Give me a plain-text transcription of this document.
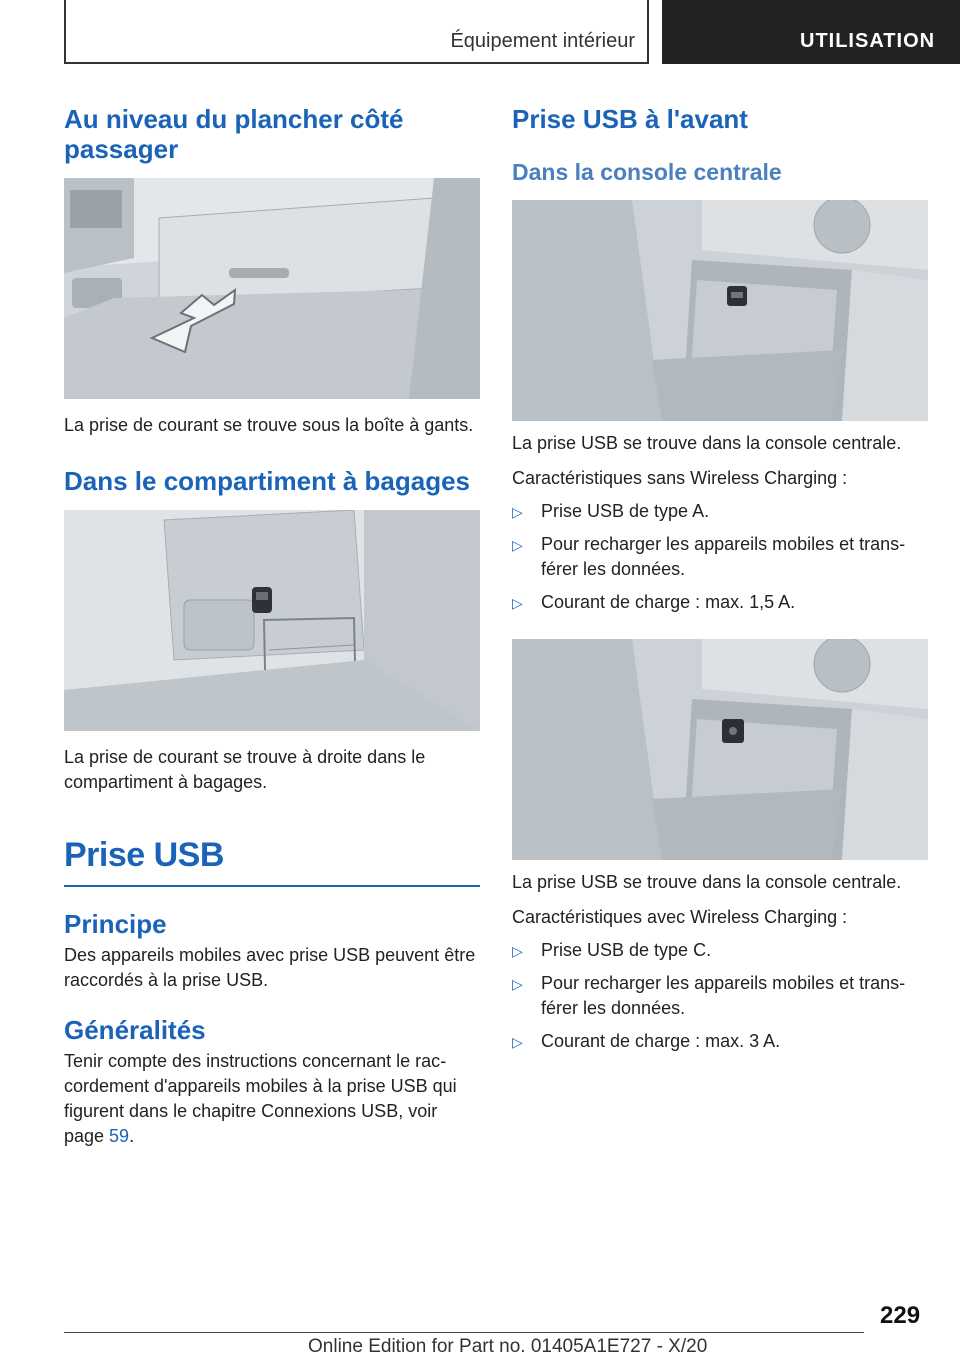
Équipement intérieur	UTILISATION
Au niveau du plancher côté passager

La prise de courant se trouve sous la boîte à gants.

Dans le compartiment à bagages

La prise de courant se trouve à droite dans le compartiment à bagages.

Prise USB
Principe

Des appareils mobiles avec prise USB peuvent être raccordés à la prise USB.

Généralités

Tenir compte des instructions concernant le raccordement d'appareils mobiles à la prise USB qui figurent dans le chapitre Connexions USB, voir page 59.

Prise USB à l'avant
Dans la console centrale

La prise USB se trouve dans la console centrale.

Caractéristiques sans Wireless Charging :

▷ Prise USB de type A.
▷ Pour recharger les appareils mobiles et transférer les données.
▷ Courant de charge : max. 1,5 A.

La prise USB se trouve dans la console centrale.

Caractéristiques avec Wireless Charging :

▷ Prise USB de type C.
▷ Pour recharger les appareils mobiles et transférer les données.
▷ Courant de charge : max. 3 A.
229
Online Edition for Part no. 01405A1E727 - X/20
